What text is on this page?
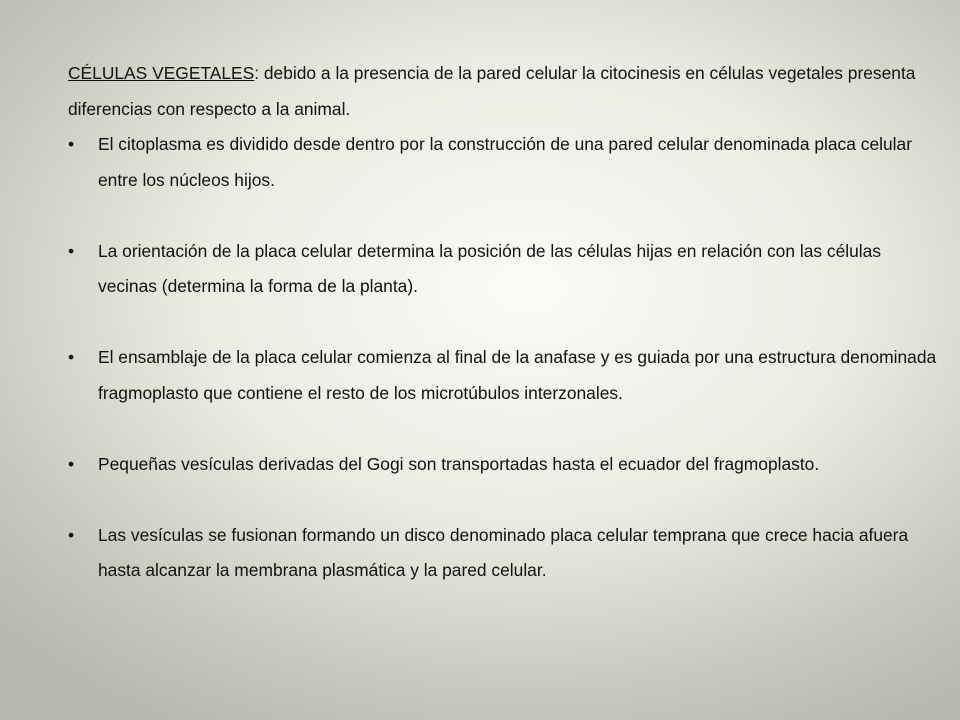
CÉLULAS VEGETALES: debido a la presencia de la pared celular la citocinesis en células vegetales presenta diferencias con respecto a la animal.

• El citoplasma es dividido desde dentro por la construcción de una pared celular denominada placa celular entre los núcleos hijos.
• La orientación de la placa celular determina la posición de las células hijas en relación con las células vecinas (determina la forma de la planta).
• El ensamblaje de la placa celular comienza al final de la anafase y es guiada por una estructura denominada fragmoplasto que contiene el resto de los microtúbulos interzonales.
• Pequeñas vesículas derivadas del Gogi son transportadas hasta el ecuador del fragmoplasto.
• Las vesículas se fusionan formando un disco denominado placa celular temprana que crece hacia afuera hasta alcanzar la membrana plasmática y la pared celular.
